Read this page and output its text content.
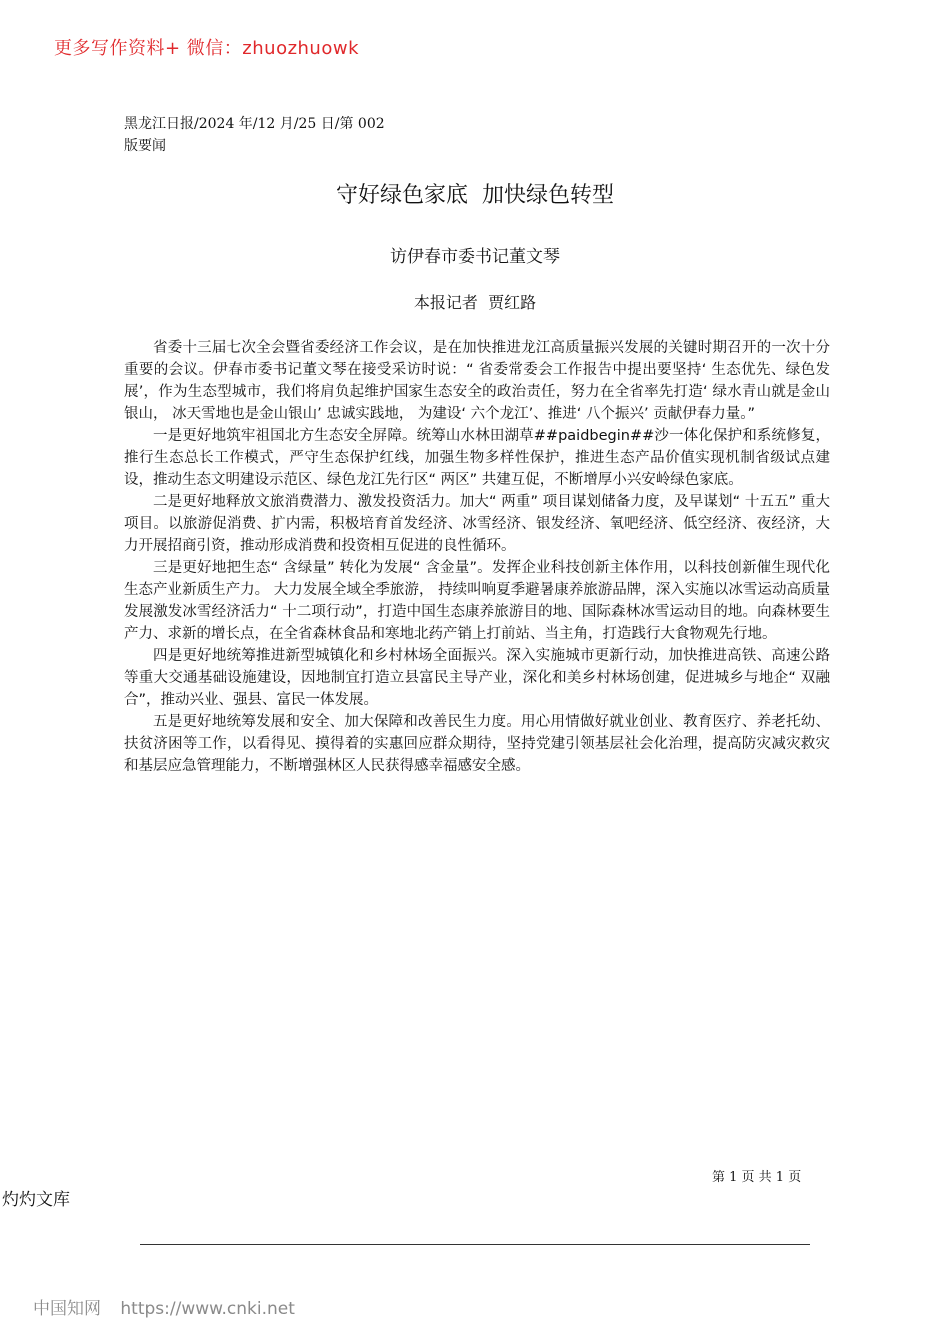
更多写作资料+ 微信：zhuozhuowk
黑龙江日报/2024 年/12 月/25 日/第 002
版要闻
守好绿色家底  加快绿色转型
访伊春市委书记董文琴
本报记者  贾红路

省委十三届七次全会暨省委经济工作会议，是在加快推进龙江高质量振兴发展的关键时期召开的一次十分重要的会议。伊春市委书记董文琴在接受采访时说：“ 省委常委会工作报告中提出要坚持‘ 生态优先、绿色发展’，作为生态型城市，我们将肩负起维护国家生态安全的政治责任，努力在全省率先打造‘ 绿水青山就是金山银山， 冰天雪地也是金山银山’ 忠诚实践地， 为建设‘ 六个龙江’、推进‘ 八个振兴’ 贡献伊春力量。”

一是更好地筑牢祖国北方生态安全屏障。统筹山水林田湖草##paidbegin##沙一体化保护和系统修复，推行生态总长工作模式，严守生态保护红线，加强生物多样性保护，推进生态产品价值实现机制省级试点建设，推动生态文明建设示范区、绿色龙江先行区“ 两区” 共建互促，不断增厚小兴安岭绿色家底。

二是更好地释放文旅消费潜力、激发投资活力。加大“ 两重” 项目谋划储备力度，及早谋划“ 十五五” 重大项目。以旅游促消费、扩内需，积极培育首发经济、冰雪经济、银发经济、氧吧经济、低空经济、夜经济，大力开展招商引资，推动形成消费和投资相互促进的良性循环。

三是更好地把生态“ 含绿量” 转化为发展“ 含金量”。发挥企业科技创新主体作用，以科技创新催生现代化生态产业新质生产力。 大力发展全域全季旅游， 持续叫响夏季避暑康养旅游品牌，深入实施以冰雪运动高质量发展激发冰雪经济活力“ 十二项行动”，打造中国生态康养旅游目的地、国际森林冰雪运动目的地。向森林要生产力、求新的增长点，在全省森林食品和寒地北药产销上打前站、当主角，打造践行大食物观先行地。

四是更好地统筹推进新型城镇化和乡村林场全面振兴。深入实施城市更新行动，加快推进高铁、高速公路等重大交通基础设施建设，因地制宜打造立县富民主导产业，深化和美乡村林场创建，促进城乡与地企“ 双融合”，推动兴业、强县、富民一体发展。

五是更好地统筹发展和安全、加大保障和改善民生力度。用心用情做好就业创业、教育医疗、养老托幼、扶贫济困等工作，以看得见、摸得着的实惠回应群众期待，坚持党建引领基层社会化治理，提高防灾减灾救灾和基层应急管理能力，不断增强林区人民获得感幸福感安全感。

第 1 页 共 1 页
灼灼文库
中国知网 https://www.cnki.net
